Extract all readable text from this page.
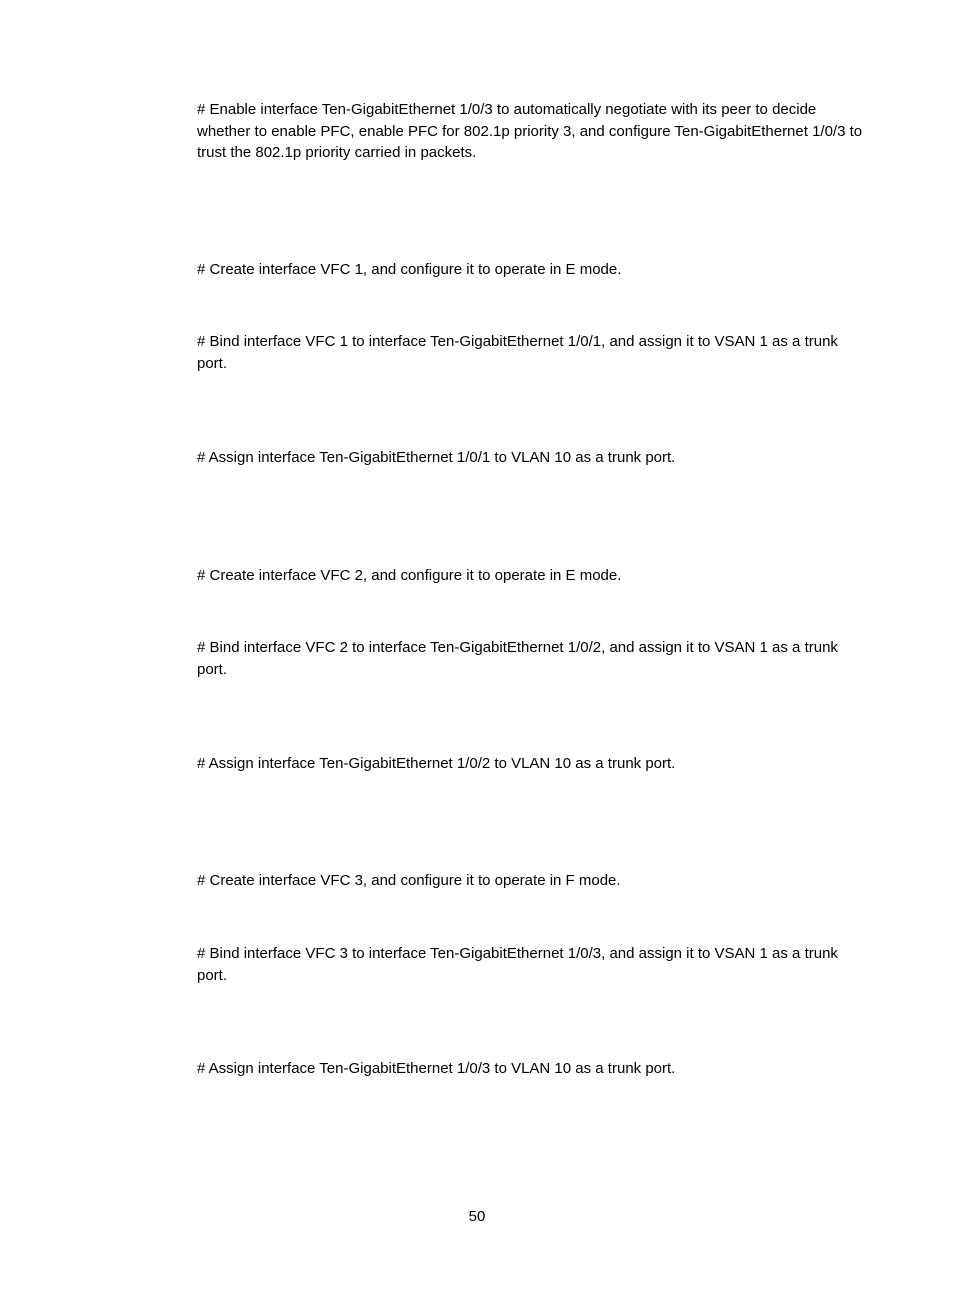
# Enable interface Ten-GigabitEthernet 1/0/3 to automatically negotiate with its peer to decide whether to enable PFC, enable PFC for 802.1p priority 3, and configure Ten-GigabitEthernet 1/0/3 to trust the 802.1p priority carried in packets.

# Create interface VFC 1, and configure it to operate in E mode.

# Bind interface VFC 1 to interface Ten-GigabitEthernet 1/0/1, and assign it to VSAN 1 as a trunk port.

# Assign interface Ten-GigabitEthernet 1/0/1 to VLAN 10 as a trunk port.

# Create interface VFC 2, and configure it to operate in E mode.

# Bind interface VFC 2 to interface Ten-GigabitEthernet 1/0/2, and assign it to VSAN 1 as a trunk port.

# Assign interface Ten-GigabitEthernet 1/0/2 to VLAN 10 as a trunk port.

# Create interface VFC 3, and configure it to operate in F mode.

# Bind interface VFC 3 to interface Ten-GigabitEthernet 1/0/3, and assign it to VSAN 1 as a trunk port.

# Assign interface Ten-GigabitEthernet 1/0/3 to VLAN 10 as a trunk port.

50
